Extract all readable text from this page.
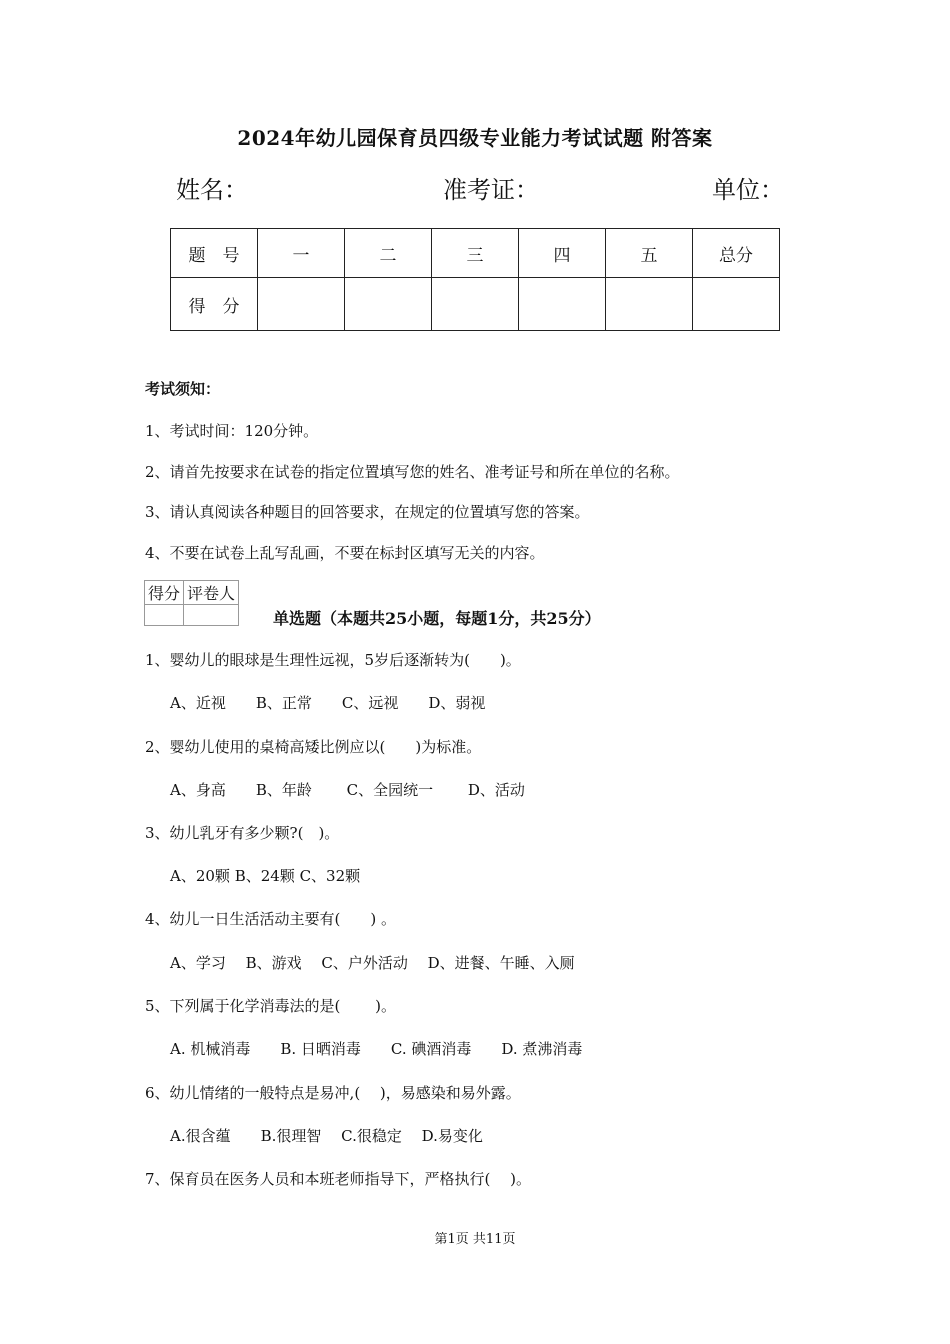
2024年幼儿园保育员四级专业能力考试试题 附答案
姓名：	准考证：	单位：
题　号	一	二	三	四	五	总分
得　分						
考试须知：
1、考试时间：120分钟。
2、请首先按要求在试卷的指定位置填写您的姓名、准考证号和所在单位的名称。
3、请认真阅读各种题目的回答要求，在规定的位置填写您的答案。
4、不要在试卷上乱写乱画，不要在标封区填写无关的内容。
得分	评卷人

单选题（本题共25小题，每题1分，共25分）
1、婴幼儿的眼球是生理性远视，5岁后逐渐转为(　　)。
A、近视　　B、正常　　C、远视　　D、弱视
2、婴幼儿使用的桌椅高矮比例应以(　　)为标准。
A、身高　　B、年龄　　 C、全园统一　　 D、活动
3、幼儿乳牙有多少颗?(　)。
A、20颗 B、24颗 C、32颗
4、幼儿一日生活活动主要有(　　) 。
A、学习　 B、游戏　 C、户外活动　 D、进餐、午睡、入厕
5、下列属于化学消毒法的是(　　 )。
A. 机械消毒　　B. 日晒消毒　　C. 碘酒消毒　　D. 煮沸消毒
6、幼儿情绪的一般特点是易冲,(　 )，易感染和易外露。
A.很含蕴　　B.很理智　 C.很稳定　 D.易变化
7、保育员在医务人员和本班老师指导下，严格执行(　 )。
第1页 共11页
